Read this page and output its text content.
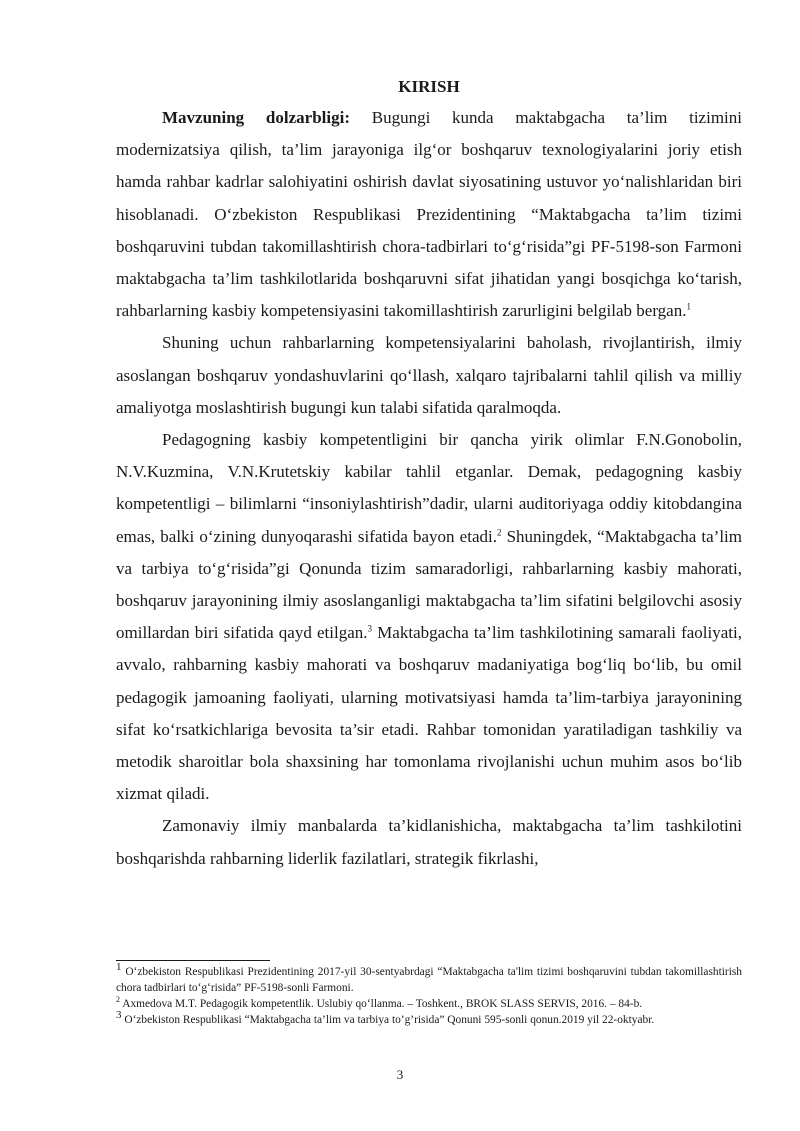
KIRISH

Mavzuning dolzarbligi: Bugungi kunda maktabgacha ta’lim tizimini modernizatsiya qilish, ta’lim jarayoniga ilg‘or boshqaruv texnologiyalarini joriy etish hamda rahbar kadrlar salohiyatini oshirish davlat siyosatining ustuvor yo‘nalishlaridan biri hisoblanadi. O‘zbekiston Respublikasi Prezidentining “Maktabgacha ta’lim tizimi boshqaruvini tubdan takomillashtirish chora-tadbirlari to‘g‘risida”gi PF-5198-son Farmoni maktabgacha ta’lim tashkilotlarida boshqaruvni sifat jihatidan yangi bosqichga ko‘tarish, rahbarlarning kasbiy kompetensiyasini takomillashtirish zarurligini belgilab bergan.$^1$

Shuning uchun rahbarlarning kompetensiyalarini baholash, rivojlantirish, ilmiy asoslangan boshqaruv yondashuvlarini qo‘llash, xalqaro tajribalarni tahlil qilish va milliy amaliyotga moslashtirish bugungi kun talabi sifatida qaralmoqda.

Pedagogning kasbiy kompetentligini bir qancha yirik olimlar F.N.Gonobolin, N.V.Kuzmina, V.N.Krutetskiy kabilar tahlil etganlar. Demak, pedagogning kasbiy kompetentligi – bilimlarni “insoniylashtirish”dadir, ularni auditoriyaga oddiy kitobdangina emas, balki o‘zining dunyoqarashi sifatida bayon etadi.$^2$ Shuningdek, “Maktabgacha ta’lim va tarbiya to‘g‘risida”gi Qonunda tizim samaradorligi, rahbarlarning kasbiy mahorati, boshqaruv jarayonining ilmiy asoslanganligi maktabgacha ta’lim sifatini belgilovchi asosiy omillardan biri sifatida qayd etilgan.$^3$ Maktabgacha ta’lim tashkilotining samarali faoliyati, avvalo, rahbarning kasbiy mahorati va boshqaruv madaniyatiga bog‘liq bo‘lib, bu omil pedagogik jamoaning faoliyati, ularning motivatsiyasi hamda ta’lim-tarbiya jarayonining sifat ko‘rsatkichlariga bevosita ta’sir etadi. Rahbar tomonidan yaratiladigan tashkiliy va metodik sharoitlar bola shaxsining har tomonlama rivojlanishi uchun muhim asos bo‘lib xizmat qiladi.

Zamonaviy ilmiy manbalarda ta’kidlanishicha, maktabgacha ta’lim tashkilotini boshqarishda rahbarning liderlik fazilatlari, strategik fikrlashi,

1 O‘zbekiston Respublikasi Prezidentining 2017-yil 30-sentyabrdagi “Maktabgacha ta'lim tizimi boshqaruvini tubdan takomillashtirish chora tadbirlari to‘g‘risida” PF-5198-sonli Farmoni.
$^2$ Axmedova M.T. Pedagogik kompetentlik. Uslubiy qo‘llanma. – Toshkent., BROK SLASS SERVIS, 2016. – 84-b.
3 O‘zbekiston Respublikasi “Maktabgacha ta’lim va tarbiya to’g’risida” Qonuni 595-sonli qonun.2019 yil 22-oktyabr.
3
